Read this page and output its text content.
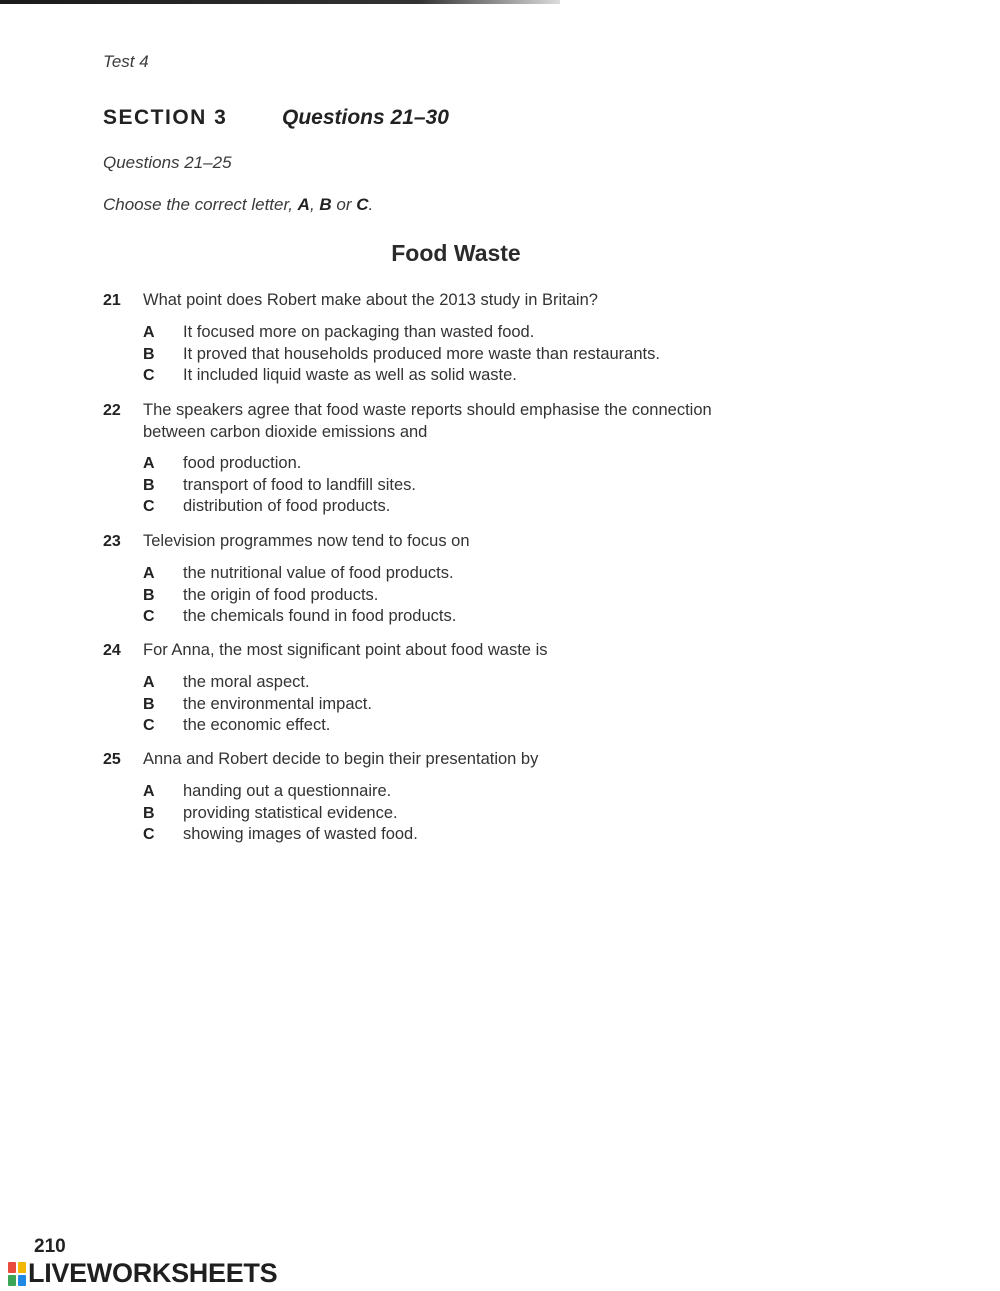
Test 4
SECTION 3	Questions 21–30
Questions 21–25
Choose the correct letter, A, B or C.
Food Waste
21	What point does Robert make about the 2013 study in Britain?
A	It focused more on packaging than wasted food.
B	It proved that households produced more waste than restaurants.
C	It included liquid waste as well as solid waste.
22	The speakers agree that food waste reports should emphasise the connection between carbon dioxide emissions and
A	food production.
B	transport of food to landfill sites.
C	distribution of food products.
23	Television programmes now tend to focus on
A	the nutritional value of food products.
B	the origin of food products.
C	the chemicals found in food products.
24	For Anna, the most significant point about food waste is
A	the moral aspect.
B	the environmental impact.
C	the economic effect.
25	Anna and Robert decide to begin their presentation by
A	handing out a questionnaire.
B	providing statistical evidence.
C	showing images of wasted food.
210
LIVEWORKSHEETS
